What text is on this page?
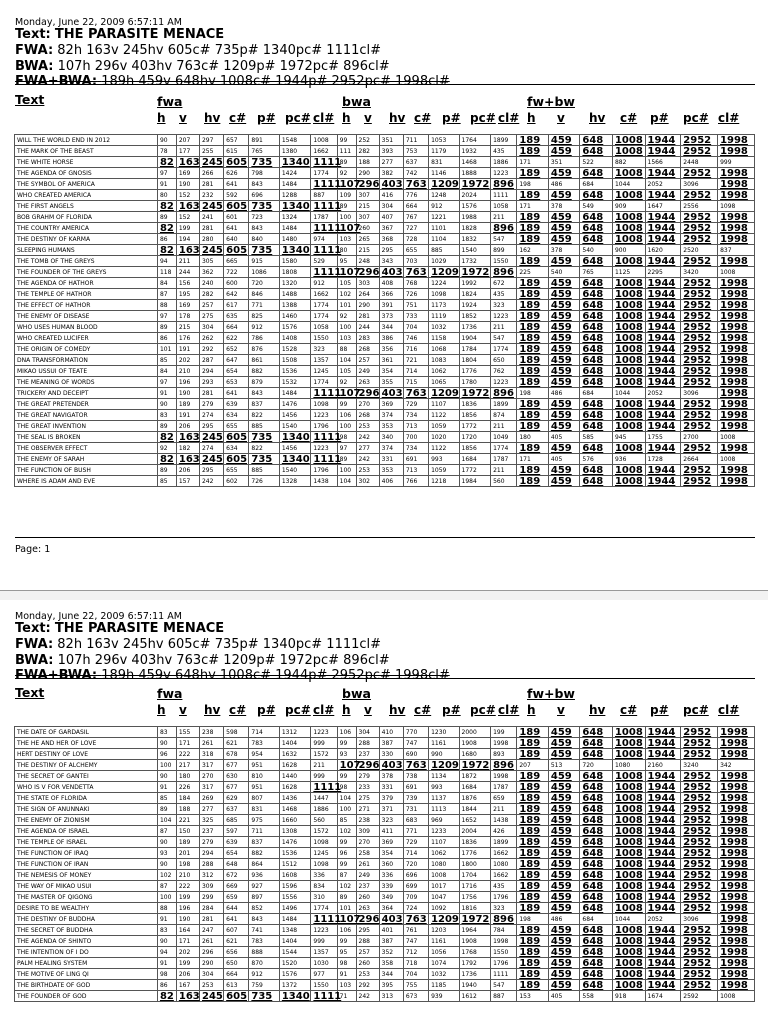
Monday, June 22, 2009 6:57:11 AM
Text: THE PARASITE MENACE
FWA: 82h 163v 245hv 605c# 735p# 1340pc# 1111cl#
BWA: 107h 296v 403hv 763c# 1209p# 1972pc# 896cl#
FWA+BWA: 189h 459v 648hv 1008c# 1944p# 2952pc# 1998cl#
Text	fwa	bwa	fw+bw
h v hv c# p# pc# cl# h v hv c# p# pc# cl# h v hv c# p# pc# cl#
WILL THE WORLD END IN 2012	90	207	297	657	891	1548	1008	99	252	351	711	1053	1764	1899	189	459	648	1008	1944	2952	1998
THE MARK OF THE BEAST	78	177	255	615	765	1380	1662	111	282	393	753	1179	1932	435	189	459	648	1008	1944	2952	1998
THE WHITE HORSE	82	163	245	605	735	1340	1111	89	188	277	637	831	1468	1886	171	351	522	882	1566	2448	999
THE AGENDA OF GNOSIS	97	169	266	626	798	1424	1774	92	290	382	742	1146	1888	1223	189	459	648	1008	1944	2952	1998
THE SYMBOL OF AMERICA	91	190	281	641	843	1484	1111	107	296	403	763	1209	1972	896	198	486	684	1044	2052	3096	1998
WHO CREATED AMERICA	80	152	232	592	696	1288	887	109	307	416	776	1248	2024	1111	189	459	648	1008	1944	2952	1998
THE FIRST ANGELS	82	163	245	605	735	1340	1111	89	215	304	664	912	1576	1058	171	378	549	909	1647	2556	1098
BOB GRAHM OF FLORIDA	89	152	241	601	723	1324	1787	100	307	407	767	1221	1988	211	189	459	648	1008	1944	2952	1998
THE COUNTRY AMERICA	82	199	281	641	843	1484	1111	107	260	367	727	1101	1828	896	189	459	648	1008	1944	2952	1998
THE DESTINY OF KARMA	86	194	280	640	840	1480	974	103	265	368	728	1104	1832	547	189	459	648	1008	1944	2952	1998
SLEEPING HUMANS	82	163	245	605	735	1340	1111	80	215	295	655	885	1540	899	162	378	540	900	1620	2520	837
THE TOMB OF THE GREYS	94	211	305	665	915	1580	529	95	248	343	703	1029	1732	1550	189	459	648	1008	1944	2952	1998
THE FOUNDER OF THE GREYS	118	244	362	722	1086	1808	1111	107	296	403	763	1209	1972	896	225	540	765	1125	2295	3420	1008
THE AGENDA OF HATHOR	84	156	240	600	720	1320	912	105	303	408	768	1224	1992	672	189	459	648	1008	1944	2952	1998
THE TEMPLE OF HATHOR	87	195	282	642	846	1488	1662	102	264	366	726	1098	1824	435	189	459	648	1008	1944	2952	1998
THE EFFECT OF HATHOR	88	169	257	617	771	1388	1774	101	290	391	751	1173	1924	323	189	459	648	1008	1944	2952	1998
THE ENEMY OF DISEASE	97	178	275	635	825	1460	1774	92	281	373	733	1119	1852	1223	189	459	648	1008	1944	2952	1998
WHO USES HUMAN BLOOD	89	215	304	664	912	1576	1058	100	244	344	704	1032	1736	211	189	459	648	1008	1944	2952	1998
WHO CREATED LUCIFER	86	176	262	622	786	1408	1550	103	283	386	746	1158	1904	547	189	459	648	1008	1944	2952	1998
THE ORIGIN OF COMEDY	101	191	292	652	876	1528	323	88	268	356	716	1068	1784	1774	189	459	648	1008	1944	2952	1998
DNA TRANSFORMATION	85	202	287	647	861	1508	1357	104	257	361	721	1083	1804	650	189	459	648	1008	1944	2952	1998
MIKAO USSUI OF TEATE	84	210	294	654	882	1536	1245	105	249	354	714	1062	1776	762	189	459	648	1008	1944	2952	1998
THE MEANING OF WORDS	97	196	293	653	879	1532	1774	92	263	355	715	1065	1780	1223	189	459	648	1008	1944	2952	1998
TRICKERY AND DECEIPT	91	190	281	641	843	1484	1111	107	296	403	763	1209	1972	896	198	486	684	1044	2052	3096	1998
THE GREAT PRETENDER	90	189	279	639	837	1476	1098	99	270	369	729	1107	1836	1899	189	459	648	1008	1944	2952	1998
THE GREAT NAVIGATOR	83	191	274	634	822	1456	1223	106	268	374	734	1122	1856	874	189	459	648	1008	1944	2952	1998
THE GREAT INVENTION	89	206	295	655	885	1540	1796	100	253	353	713	1059	1772	211	189	459	648	1008	1944	2952	1998
THE SEAL IS BROKEN	82	163	245	605	735	1340	1111	98	242	340	700	1020	1720	1049	180	405	585	945	1755	2700	1008
THE OBSERVER EFFECT	92	182	274	634	822	1456	1223	97	277	374	734	1122	1856	1774	189	459	648	1008	1944	2952	1998
THE ENEMY OF SARAH	82	163	245	605	735	1340	1111	89	242	331	691	993	1684	1787	171	405	576	936	1728	2664	1008
THE FUNCTION OF BUSH	89	206	295	655	885	1540	1796	100	253	353	713	1059	1772	211	189	459	648	1008	1944	2952	1998
WHERE IS ADAM AND EVE	85	157	242	602	726	1328	1438	104	302	406	766	1218	1984	560	189	459	648	1008	1944	2952	1998
Page: 1
Monday, June 22, 2009 6:57:11 AM
Text: THE PARASITE MENACE
FWA: 82h 163v 245hv 605c# 735p# 1340pc# 1111cl#
BWA: 107h 296v 403hv 763c# 1209p# 1972pc# 896cl#
FWA+BWA: 189h 459v 648hv 1008c# 1944p# 2952pc# 1998cl#
Text	fwa	bwa	fw+bw
h v hv c# p# pc# cl# h v hv c# p# pc# cl# h v hv c# p# pc# cl#
THE DATE OF GARDASIL	83	155	238	598	714	1312	1223	106	304	410	770	1230	2000	199	189	459	648	1008	1944	2952	1998
THE HE AND HER OF LOVE	90	171	261	621	783	1404	999	99	288	387	747	1161	1908	1998	189	459	648	1008	1944	2952	1998
HERT DESTINY OF LOVE	96	222	318	678	954	1632	1572	93	237	330	690	990	1680	893	189	459	648	1008	1944	2952	1998
THE DESTINY OF ALCHEMY	100	217	317	677	951	1628	211	107	296	403	763	1209	1972	896	207	513	720	1080	2160	3240	342
THE SECRET OF GANTEI	90	180	270	630	810	1440	999	99	279	378	738	1134	1872	1998	189	459	648	1008	1944	2952	1998
WHO IS V FOR VENDETTA	91	226	317	677	951	1628	1111	98	233	331	691	993	1684	1787	189	459	648	1008	1944	2952	1998
THE STATE OF FLORIDA	85	184	269	629	807	1436	1447	104	275	379	739	1137	1876	659	189	459	648	1008	1944	2952	1998
THE SIGN OF ANUNNAKI	89	188	277	637	831	1468	1886	100	271	371	731	1113	1844	211	189	459	648	1008	1944	2952	1998
THE ENEMY OF ZIONISM	104	221	325	685	975	1660	560	85	238	323	683	969	1652	1438	189	459	648	1008	1944	2952	1998
THE AGENDA OF ISRAEL	87	150	237	597	711	1308	1572	102	309	411	771	1233	2004	426	189	459	648	1008	1944	2952	1998
THE TEMPLE OF ISRAEL	90	189	279	639	837	1476	1098	99	270	369	729	1107	1836	1899	189	459	648	1008	1944	2952	1998
THE FUNCTION OF IRAQ	93	201	294	654	882	1536	1245	96	258	354	714	1062	1776	1662	189	459	648	1008	1944	2952	1998
THE FUNCTION OF IRAN	90	198	288	648	864	1512	1098	99	261	360	720	1080	1800	1080	189	459	648	1008	1944	2952	1998
THE NEMESIS OF MONEY	102	210	312	672	936	1608	336	87	249	336	696	1008	1704	1662	189	459	648	1008	1944	2952	1998
THE WAY OF MIKAO USUI	87	222	309	669	927	1596	834	102	237	339	699	1017	1716	435	189	459	648	1008	1944	2952	1998
THE MASTER OF QIGONG	100	199	299	659	897	1556	310	89	260	349	709	1047	1756	1796	189	459	648	1008	1944	2952	1998
DESIRE TO BE WEALTHY	88	196	284	644	852	1496	1774	101	263	364	724	1092	1816	323	189	459	648	1008	1944	2952	1998
THE DESTINY OF BUDDHA	91	190	281	641	843	1484	1111	107	296	403	763	1209	1972	896	198	486	684	1044	2052	3096	1998
THE SECRET OF BUDDHA	83	164	247	607	741	1348	1223	106	295	401	761	1203	1964	784	189	459	648	1008	1944	2952	1998
THE AGENDA OF SHINTO	90	171	261	621	783	1404	999	99	288	387	747	1161	1908	1998	189	459	648	1008	1944	2952	1998
THE INTENTION OF I DO	94	202	296	656	888	1544	1357	95	257	352	712	1056	1768	1550	189	459	648	1008	1944	2952	1998
PALM HEALING SYSTEM	91	199	290	650	870	1520	1030	98	260	358	718	1074	1792	1796	189	459	648	1008	1944	2952	1998
THE MOTIVE OF LING QI	98	206	304	664	912	1576	977	91	253	344	704	1032	1736	1111	189	459	648	1008	1944	2952	1998
THE BIRTHDATE OF GOD	86	167	253	613	759	1372	1550	103	292	395	755	1185	1940	547	189	459	648	1008	1944	2952	1998
THE FOUNDER OF GOD	82	163	245	605	735	1340	1111	71	242	313	673	939	1612	887	153	405	558	918	1674	2592	1008
